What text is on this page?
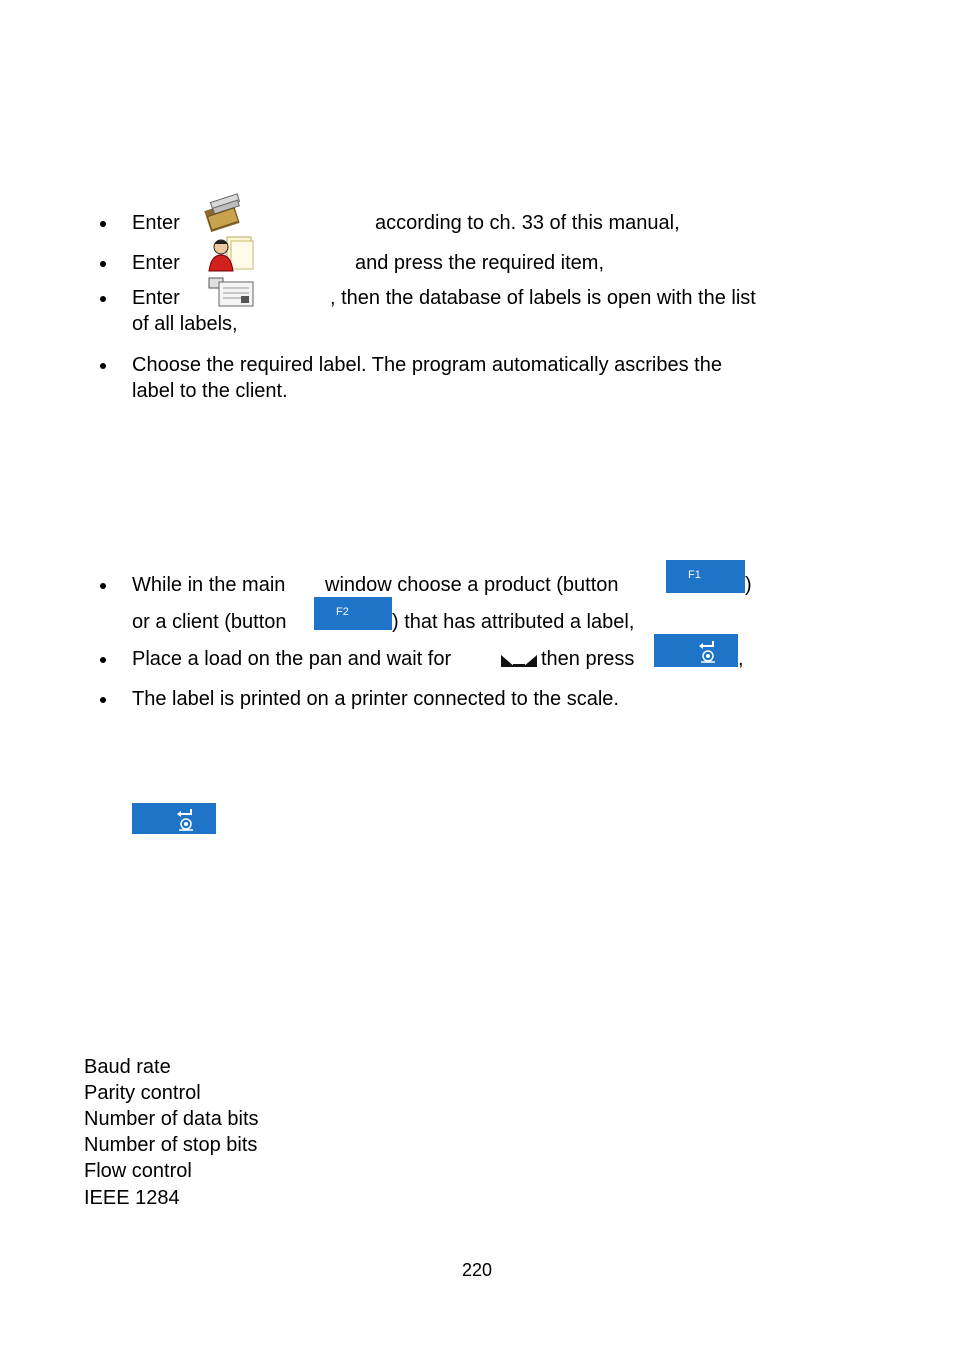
Enter	according to ch. 33 of this manual,
Enter	and press the required item,
Enter	, then the database of labels is open with the list
of all labels,
Choose the required label. The program automatically ascribes the
label to the client.
While in the main window choose a product (button	F1 )
or a client (button	F2 ) that has attributed a label,
Place a load on the pan and wait for	then press	,
The label is printed on a printer connected to the scale.
Baud rate
Parity control
Number of data bits
Number of stop bits
Flow control
IEEE 1284
220
